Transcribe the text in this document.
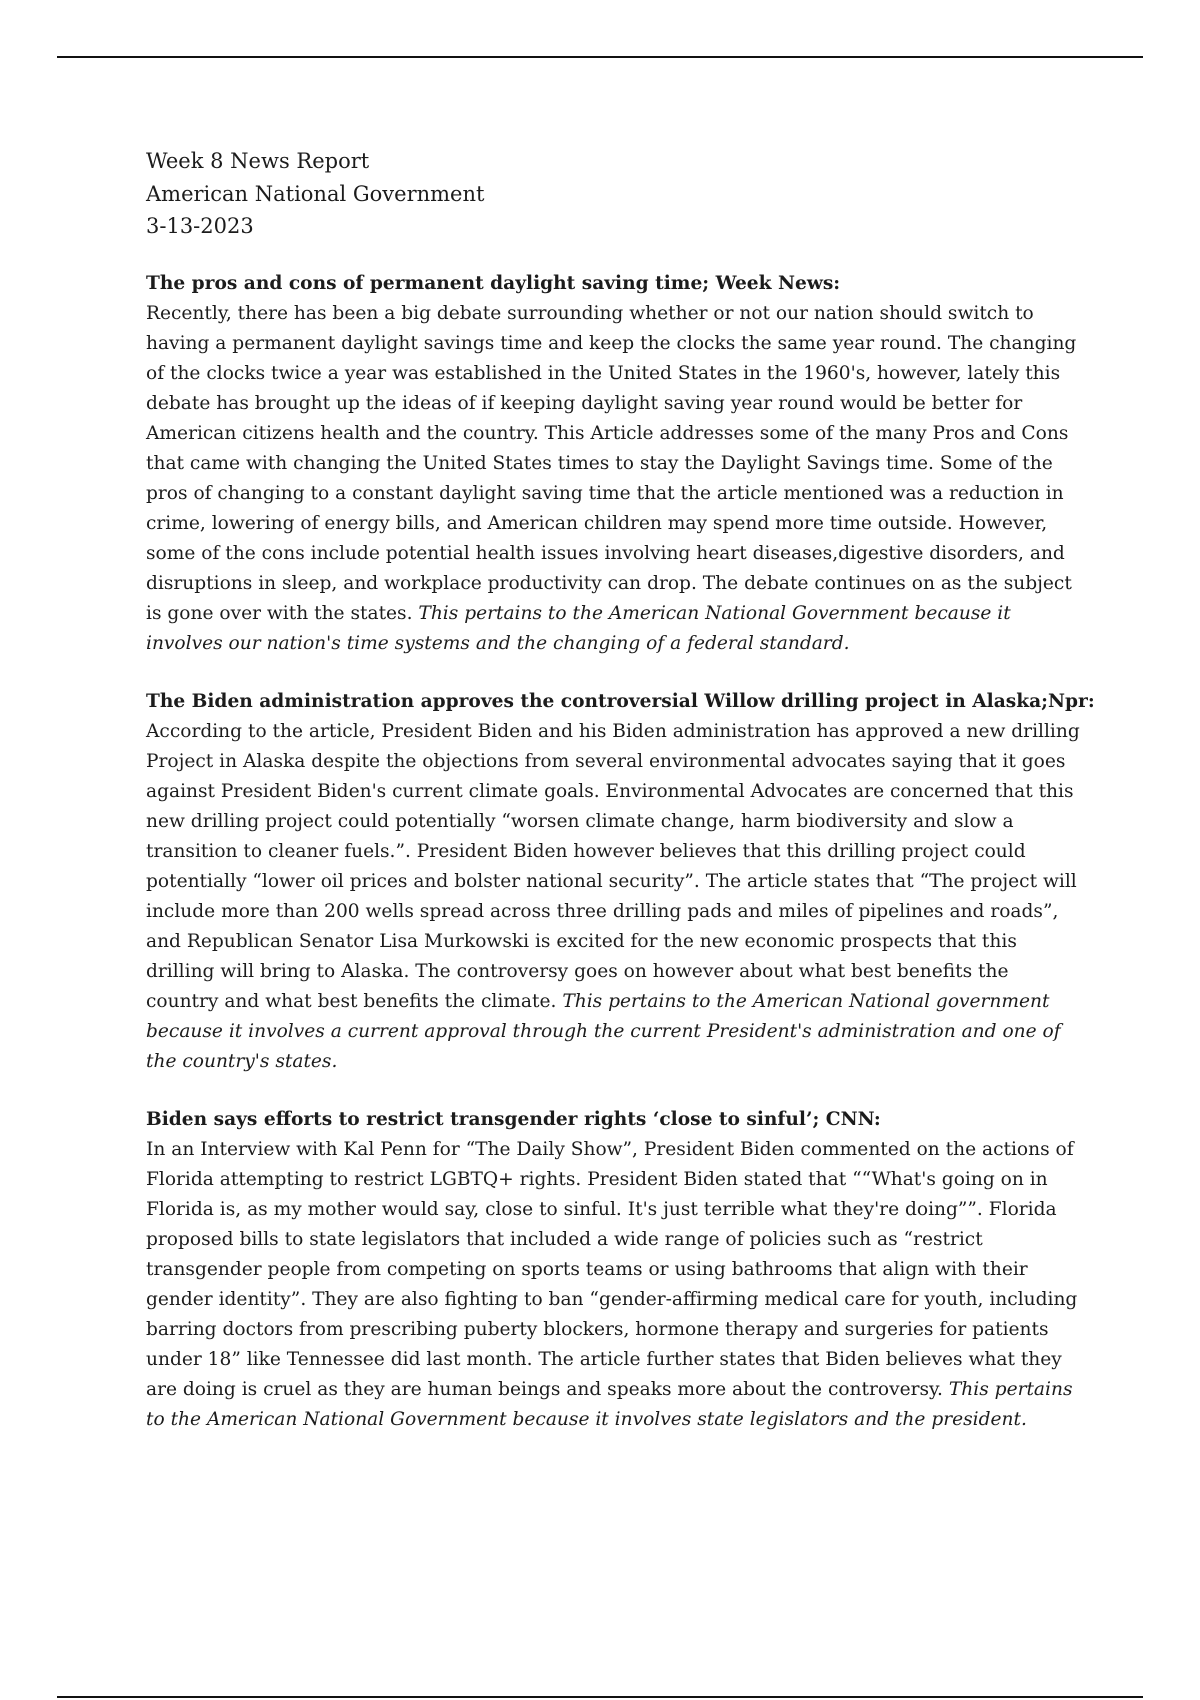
Week 8 News Report
American National Government
3-13-2023
The pros and cons of permanent daylight saving time; Week News:
Recently, there has been a big debate surrounding whether or not our nation should switch to having a permanent daylight savings time and keep the clocks the same year round. The changing of the clocks twice a year was established in the United States in the 1960's, however, lately this debate has brought up the ideas of if keeping daylight saving year round would be better for American citizens health and the country. This Article addresses some of the many Pros and Cons that came with changing the United States times to stay the Daylight Savings time. Some of the pros of changing to a constant daylight saving time that the article mentioned was a reduction in crime, lowering of energy bills, and American children may spend more time outside. However, some of the cons include potential health issues involving heart diseases,digestive disorders, and disruptions in sleep, and workplace productivity can drop. The debate continues on as the subject is gone over with the states. This pertains to the American National Government because it involves our nation's time systems and the changing of a federal standard.
The Biden administration approves the controversial Willow drilling project in Alaska;Npr:
According to the article, President Biden and his Biden administration has approved a new drilling Project in Alaska despite the objections from several environmental advocates saying that it goes against President Biden's current climate goals. Environmental Advocates are concerned that this new drilling project could potentially “worsen climate change, harm biodiversity and slow a transition to cleaner fuels.”. President Biden however believes that this drilling project could potentially “lower oil prices and bolster national security”. The article states that “The project will include more than 200 wells spread across three drilling pads and miles of pipelines and roads”, and Republican Senator Lisa Murkowski is excited for the new economic prospects that this drilling will bring to Alaska. The controversy goes on however about what best benefits the country and what best benefits the climate. This pertains to the American National government because it involves a current approval through the current President's administration and one of the country's states.
Biden says efforts to restrict transgender rights ‘close to sinful’; CNN:
In an Interview with Kal Penn for “The Daily Show”, President Biden commented on the actions of Florida attempting to restrict LGBTQ+ rights. President Biden stated that ““What's going on in Florida is, as my mother would say, close to sinful. It's just terrible what they're doing””. Florida proposed bills to state legislators that included a wide range of policies such as “restrict transgender people from competing on sports teams or using bathrooms that align with their gender identity”. They are also fighting to ban “gender-affirming medical care for youth, including barring doctors from prescribing puberty blockers, hormone therapy and surgeries for patients under 18” like Tennessee did last month. The article further states that Biden believes what they are doing is cruel as they are human beings and speaks more about the controversy. This pertains to the American National Government because it involves state legislators and the president.
